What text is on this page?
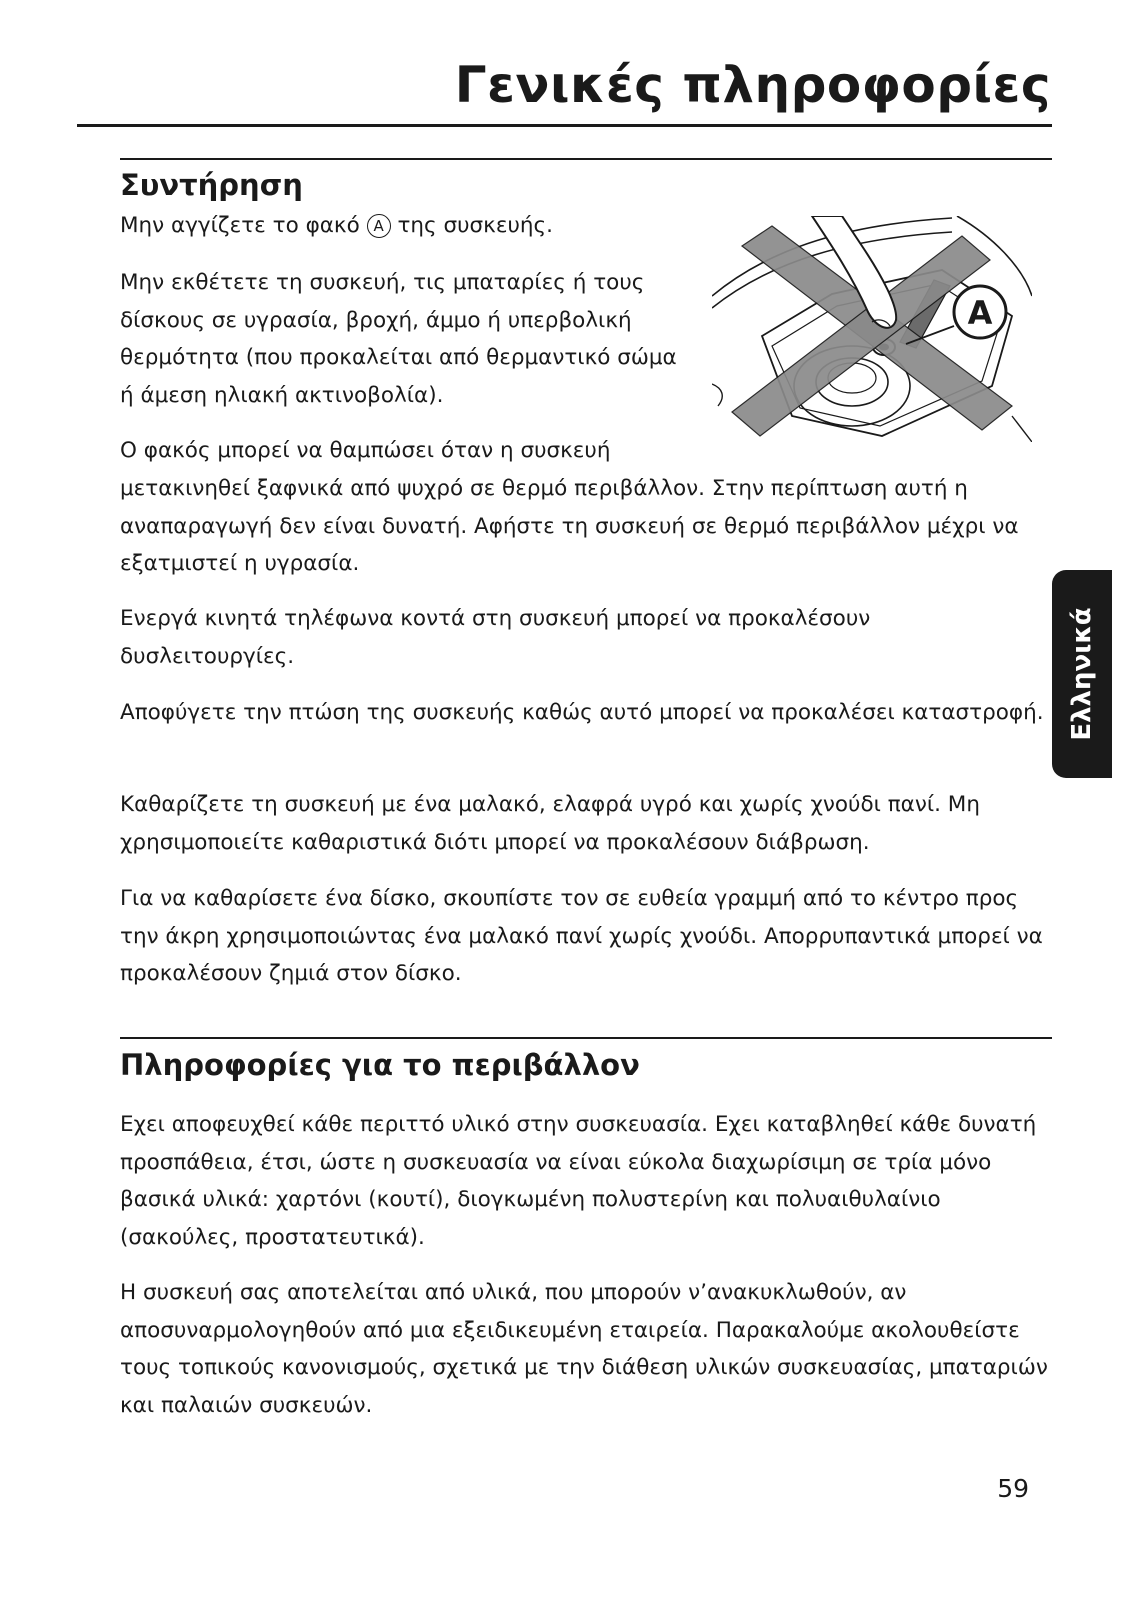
Γενικές πληροφορίες
Συντήρηση

Μην αγγίζετε το φακό A της συσκευής.

Μην εκθέτετε τη συσκευή, τις μπαταρίες ή τους δίσκους σε υγρασία, βροχή, άμμο ή υπερβολική θερμότητα (που προκαλείται από θερμαντικό σώμα ή άμεση ηλιακή ακτινοβολία).

Ο φακός μπορεί να θαμπώσει όταν η συσκευή

μετακινηθεί ξαφνικά από ψυχρό σε θερμό περιβάλλον. Στην περίπτωση αυτή η αναπαραγωγή δεν είναι δυνατή. Αφήστε τη συσκευή σε θερμό περιβάλλον μέχρι να εξατμιστεί η υγρασία.

Ενεργά κινητά τηλέφωνα κοντά στη συσκευή μπορεί να προκαλέσουν δυσλειτουργίες.

Αποφύγετε την πτώση της συσκευής καθώς αυτό μπορεί να προκαλέσει καταστροφή.

Καθαρίζετε τη συσκευή με ένα μαλακό, ελαφρά υγρό και χωρίς χνούδι πανί. Μη χρησιμοποιείτε καθαριστικά διότι μπορεί να προκαλέσουν διάβρωση.

Για να καθαρίσετε ένα δίσκο, σκουπίστε τον σε ευθεία γραμμή από το κέντρο προς την άκρη χρησιμοποιώντας ένα μαλακό πανί χωρίς χνούδι. Απορρυπαντικά μπορεί να προκαλέσουν ζημιά στον δίσκο.

A
Πληροφορίες για το περιβάλλον

Εχει αποφευχθεί κάθε περιττό υλικό στην συσκευασία. Εχει καταβληθεί κάθε δυνατή προσπάθεια, έτσι, ώστε η συσκευασία να είναι εύκολα διαχωρίσιμη σε τρία μόνο βασικά υλικά: χαρτόνι (κουτί), διογκωμένη πολυστερίνη και πολυαιθυλαίνιο (σακούλες, προστατευτικά).

Η συσκευή σας αποτελείται από υλικά, που μπορούν ν’ανακυκλωθούν, αν αποσυναρμολογηθούν από μια εξειδικευμένη εταιρεία. Παρακαλούμε ακολουθείστε τους τοπικούς κανονισμούς, σχετικά με την διάθεση υλικών συσκευασίας, μπαταριών και παλαιών συσκευών.

Ελληνικά
59
